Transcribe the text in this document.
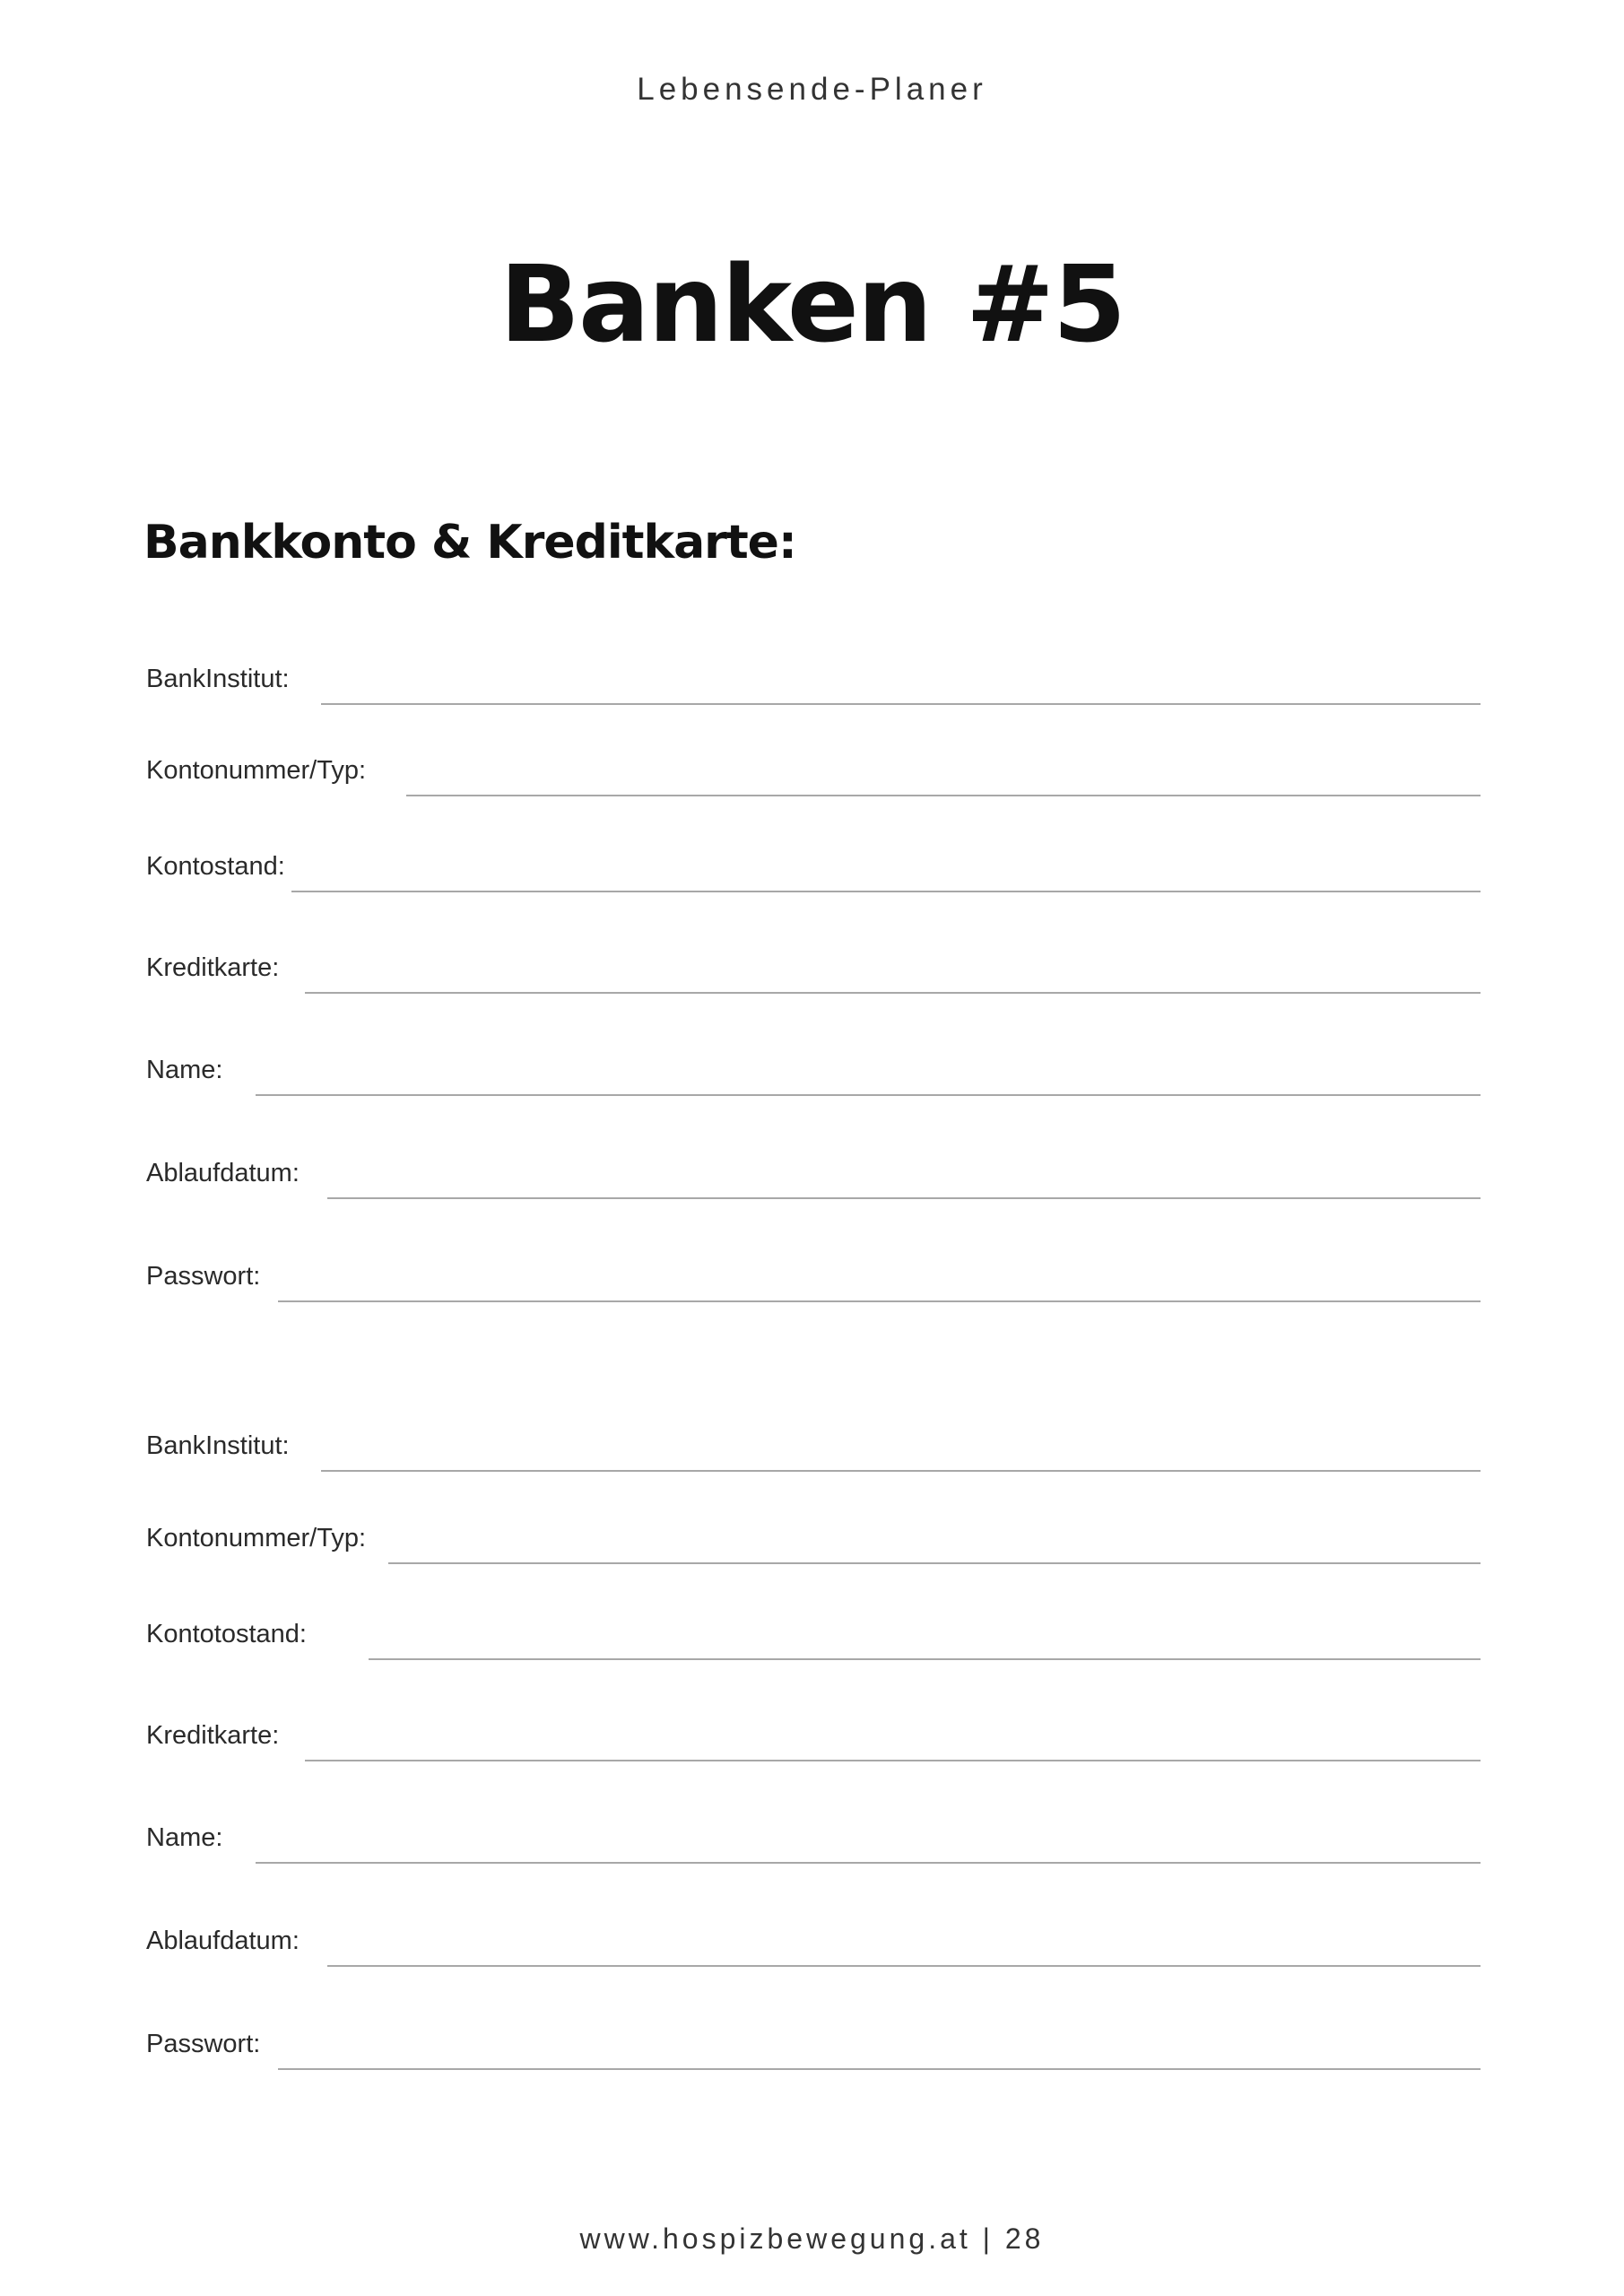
Lebensende-Planer
Banken #5
Bankkonto & Kreditkarte:
BankInstitut:
Kontonummer/Typ:
Kontostand:
Kreditkarte:
Name:
Ablaufdatum:
Passwort:
BankInstitut:
Kontonummer/Typ:
Kontotostand:
Kreditkarte:
Name:
Ablaufdatum:
Passwort:
www.hospizbewegung.at | 28
